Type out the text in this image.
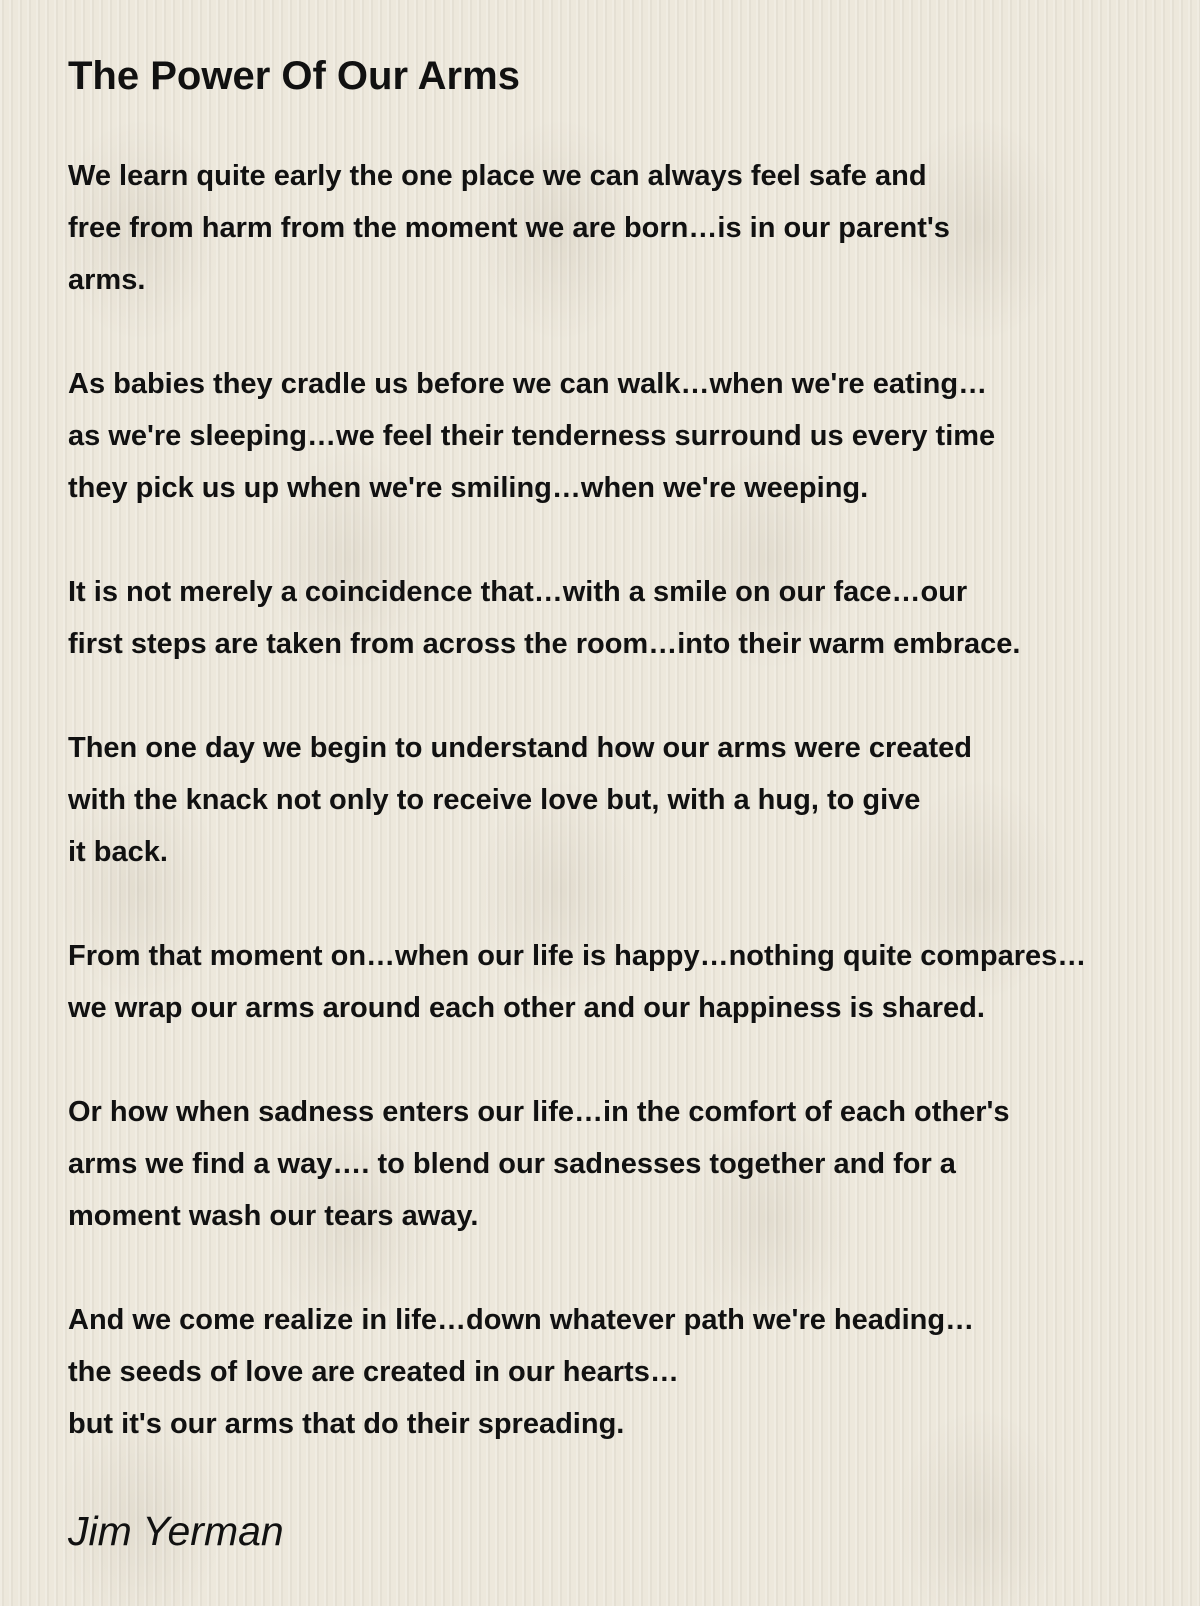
The Power Of Our Arms

We learn quite early the one place we can always feel safe and
free from harm from the moment we are born…is in our parent's
arms.

As babies they cradle us before we can walk…when we're eating…
as we're sleeping…we feel their tenderness surround us every time
they pick us up when we're smiling…when we're weeping.

It is not merely a coincidence that…with a smile on our face…our
first steps are taken from across the room…into their warm embrace.

Then one day we begin to understand how our arms were created
with the knack not only to receive love but, with a hug, to give
it back.

From that moment on…when our life is happy…nothing quite compares…
we wrap our arms around each other and our happiness is shared.

Or how when sadness enters our life…in the comfort of each other's
arms we find a way…. to blend our sadnesses together and for a
moment wash our tears away.

And we come realize in life…down whatever path we're heading…
the seeds of love are created in our hearts…
but it's our arms that do their spreading.

Jim Yerman
